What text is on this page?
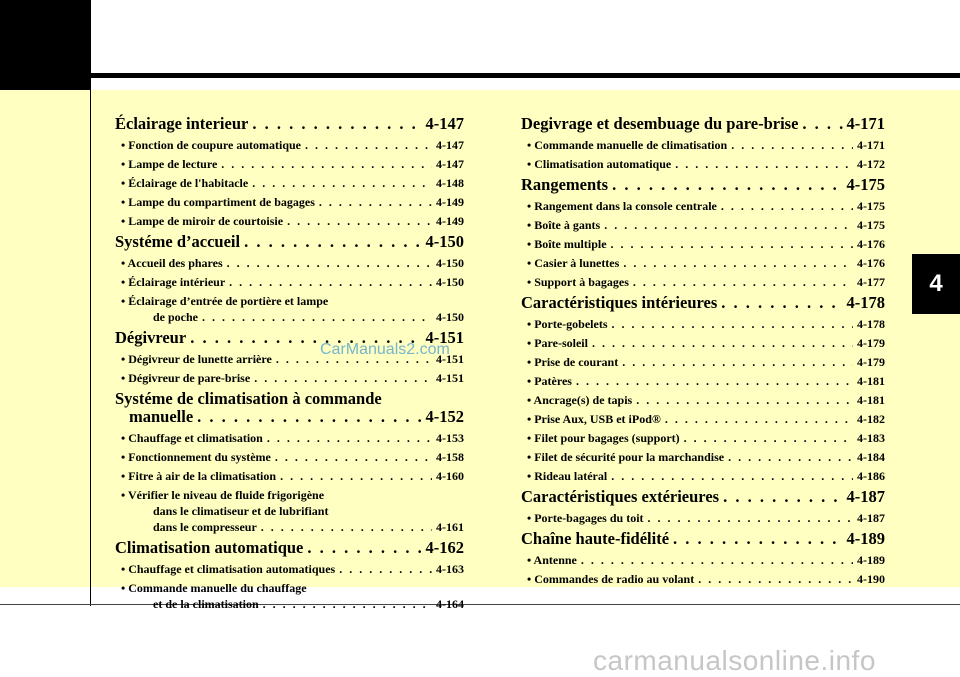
4
Éclairage interieur . . .	4-147
• Fonction de coupure automatique . . .	4-147
• Lampe de lecture . . .	4-147
• Éclairage de l'habitacle . . .	4-148
• Lampe du compartiment de bagages . . .	4-149
• Lampe de miroir de courtoisie . . .	4-149
Systéme d’accueil . . .	4-150
• Accueil des phares . . .	4-150
• Éclairage intérieur . . .	4-150
• Éclairage d’entrée de portière et lampe
de poche . . .	4-150
Dégivreur . . .	4-151
• Dégivreur de lunette arrière . . .	4-151
• Dégivreur de pare-brise . . .	4-151
Systéme de climatisation à commande
manuelle . . .	4-152
• Chauffage et climatisation . . .	4-153
• Fonctionnement du système . . .	4-158
• Fitre à air de la climatisation . . .	4-160
• Vérifier le niveau de fluide frigorigène
dans le climatiseur et de lubrifiant
dans le compresseur . . .	4-161
Climatisation automatique . . .	4-162
• Chauffage et climatisation automatiques . . .	4-163
• Commande manuelle du chauffage
et de la climatisation . . .	4-164
Degivrage et desembuage du pare-brise . . .	4-171
• Commande manuelle de climatisation . . .	4-171
• Climatisation automatique . . .	4-172
Rangements . . .	4-175
• Rangement dans la console centrale . . .	4-175
• Boîte à gants . . .	4-175
• Boîte multiple . . .	4-176
• Casier à lunettes . . .	4-176
• Support à bagages . . .	4-177
Caractéristiques intérieures . . .	4-178
• Porte-gobelets . . .	4-178
• Pare-soleil . . .	4-179
• Prise de courant . . .	4-179
• Patères . . .	4-181
• Ancrage(s) de tapis . . .	4-181
• Prise Aux, USB et iPod® . . .	4-182
• Filet pour bagages (support) . . .	4-183
• Filet de sécurité pour la marchandise . . .	4-184
• Rideau latéral . . .	4-186
Caractéristiques extérieures . . .	4-187
• Porte-bagages du toit . . .	4-187
Chaîne haute-fidélité . . .	4-189
• Antenne . . .	4-189
• Commandes de radio au volant . . .	4-190
CarManuals2.com
carmanualsonline.info
